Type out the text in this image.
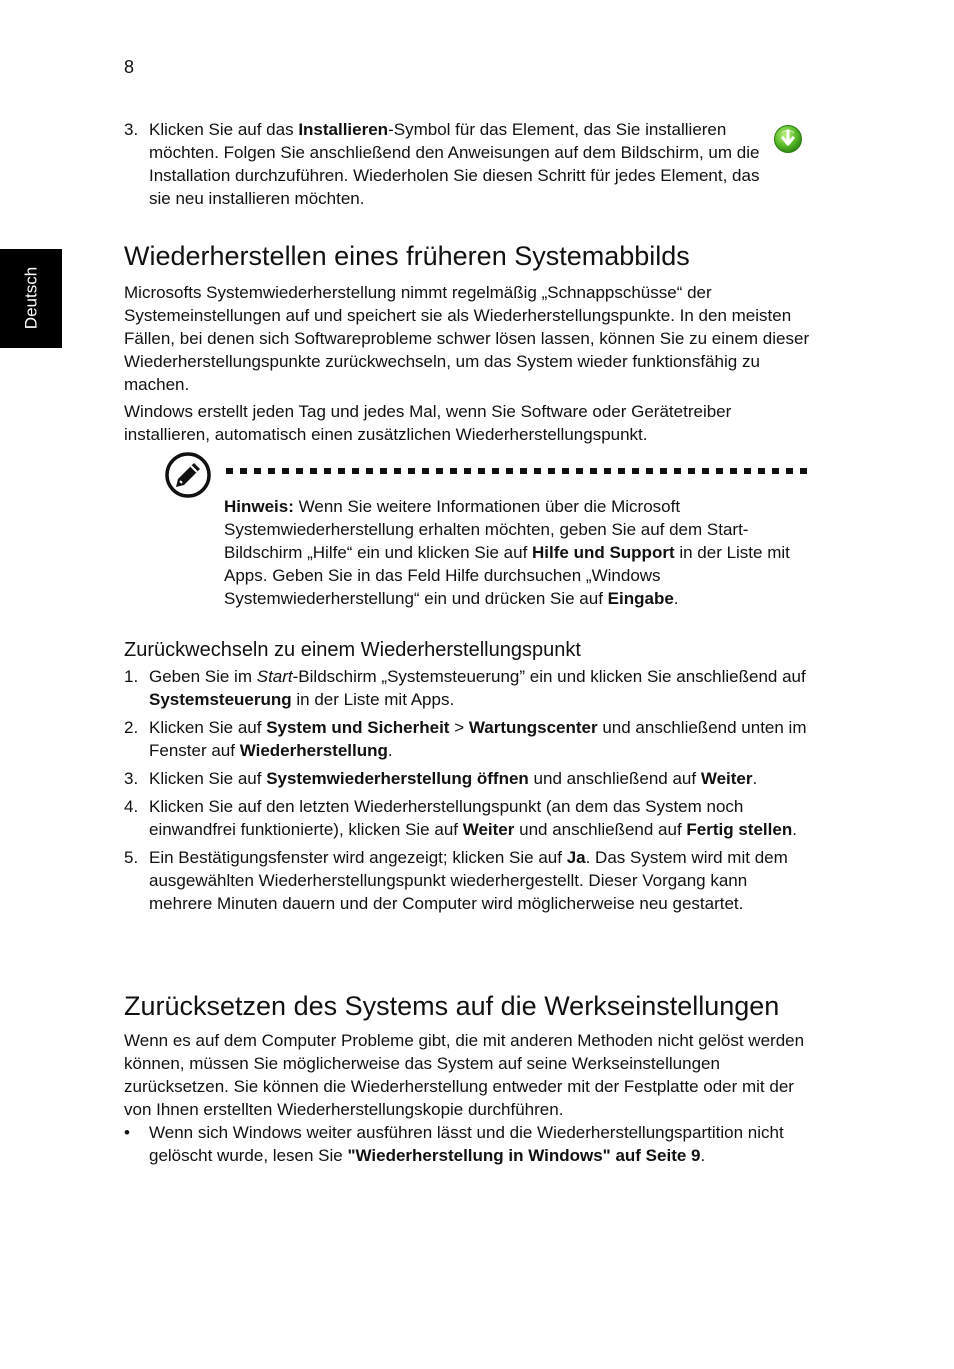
8
Deutsch
3. Klicken Sie auf das Installieren-Symbol für das Element, das Sie installieren möchten. Folgen Sie anschließend den Anweisungen auf dem Bildschirm, um die Installation durchzuführen. Wiederholen Sie diesen Schritt für jedes Element, das sie neu installieren möchten.
Wiederherstellen eines früheren Systemabbilds

Microsofts Systemwiederherstellung nimmt regelmäßig „Schnappschüsse“ der Systemeinstellungen auf und speichert sie als Wiederherstellungspunkte. In den meisten Fällen, bei denen sich Softwareprobleme schwer lösen lassen, können Sie zu einem dieser Wiederherstellungspunkte zurückwechseln, um das System wieder funktionsfähig zu machen.

Windows erstellt jeden Tag und jedes Mal, wenn Sie Software oder Gerätetreiber installieren, automatisch einen zusätzlichen Wiederherstellungspunkt.

Hinweis: Wenn Sie weitere Informationen über die Microsoft Systemwiederherstellung erhalten möchten, geben Sie auf dem Start-Bildschirm „Hilfe“ ein und klicken Sie auf Hilfe und Support in der Liste mit Apps. Geben Sie in das Feld Hilfe durchsuchen „Windows Systemwiederherstellung“ ein und drücken Sie auf Eingabe.
Zurückwechseln zu einem Wiederherstellungspunkt
1. Geben Sie im Start-Bildschirm „Systemsteuerung” ein und klicken Sie anschließend auf Systemsteuerung in der Liste mit Apps.
2. Klicken Sie auf System und Sicherheit > Wartungscenter und anschließend unten im Fenster auf Wiederherstellung.
3. Klicken Sie auf Systemwiederherstellung öffnen und anschließend auf Weiter.
4. Klicken Sie auf den letzten Wiederherstellungspunkt (an dem das System noch einwandfrei funktionierte), klicken Sie auf Weiter und anschließend auf Fertig stellen.
5. Ein Bestätigungsfenster wird angezeigt; klicken Sie auf Ja. Das System wird mit dem ausgewählten Wiederherstellungspunkt wiederhergestellt. Dieser Vorgang kann mehrere Minuten dauern und der Computer wird möglicherweise neu gestartet.
Zurücksetzen des Systems auf die Werkseinstellungen

Wenn es auf dem Computer Probleme gibt, die mit anderen Methoden nicht gelöst werden können, müssen Sie möglicherweise das System auf seine Werkseinstellungen zurücksetzen. Sie können die Wiederherstellung entweder mit der Festplatte oder mit der von Ihnen erstellten Wiederherstellungskopie durchführen.

• Wenn sich Windows weiter ausführen lässt und die Wiederherstellungspartition nicht gelöscht wurde, lesen Sie "Wiederherstellung in Windows" auf Seite 9.
